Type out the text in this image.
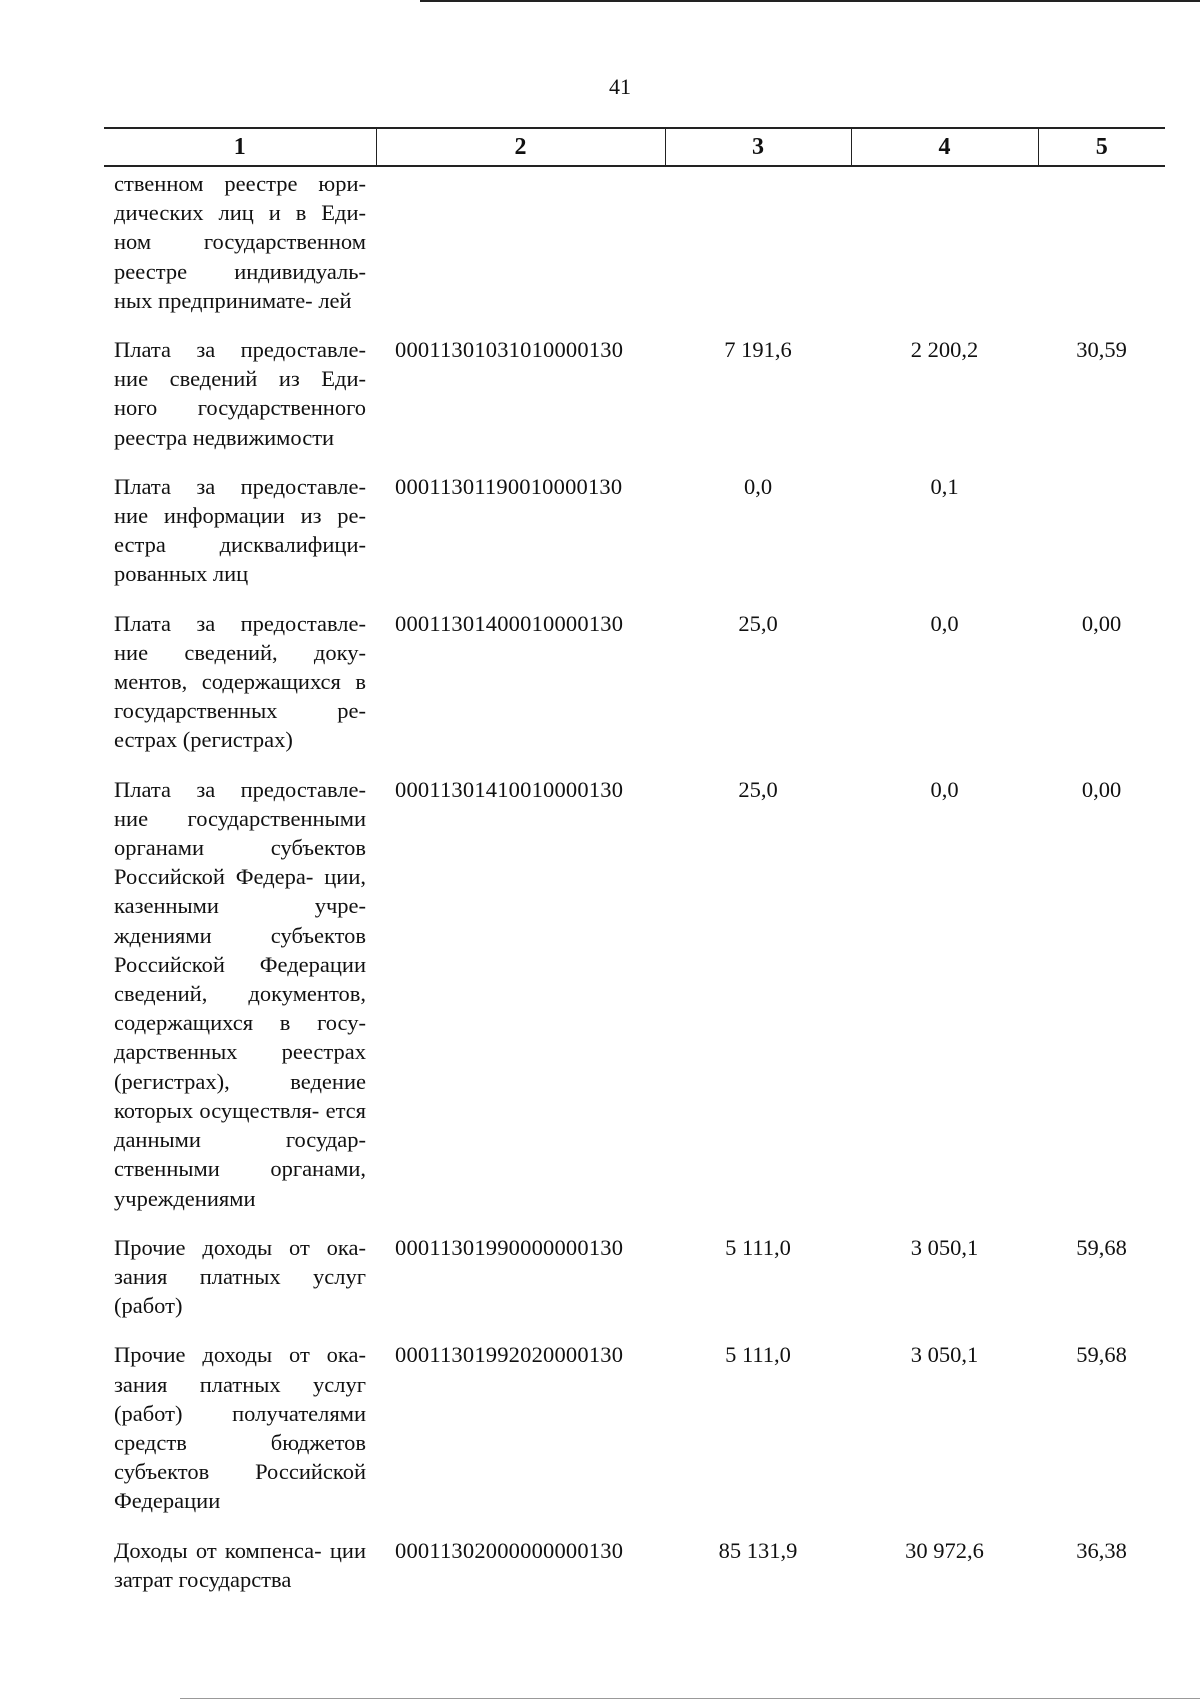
41
1	2	3	4	5
ственном реестре юри- дических лиц и в Еди- ном государственном реестре индивидуаль- ных предпринимате- лей				
Плата за предоставле- ние сведений из Еди- ного государственного реестра недвижимости	00011301031010000130	7 191,6	2 200,2	30,59
Плата за предоставле- ние информации из ре- естра дисквалифици- рованных лиц	00011301190010000130	0,0	0,1	
Плата за предоставле- ние сведений, доку- ментов, содержащихся в государственных ре- естрах (регистрах)	00011301400010000130	25,0	0,0	0,00
Плата за предоставле- ние государственными органами субъектов Российской Федера- ции, казенными учре- ждениями субъектов Российской Федерации сведений, документов, содержащихся в госу- дарственных реестрах (регистрах), ведение которых осуществля- ется данными государ- ственными органами, учреждениями	00011301410010000130	25,0	0,0	0,00
Прочие доходы от ока- зания платных услуг (работ)	00011301990000000130	5 111,0	3 050,1	59,68
Прочие доходы от ока- зания платных услуг (работ) получателями средств бюджетов субъектов Российской Федерации	00011301992020000130	5 111,0	3 050,1	59,68
Доходы от компенса- ции затрат государства	00011302000000000130	85 131,9	30 972,6	36,38
